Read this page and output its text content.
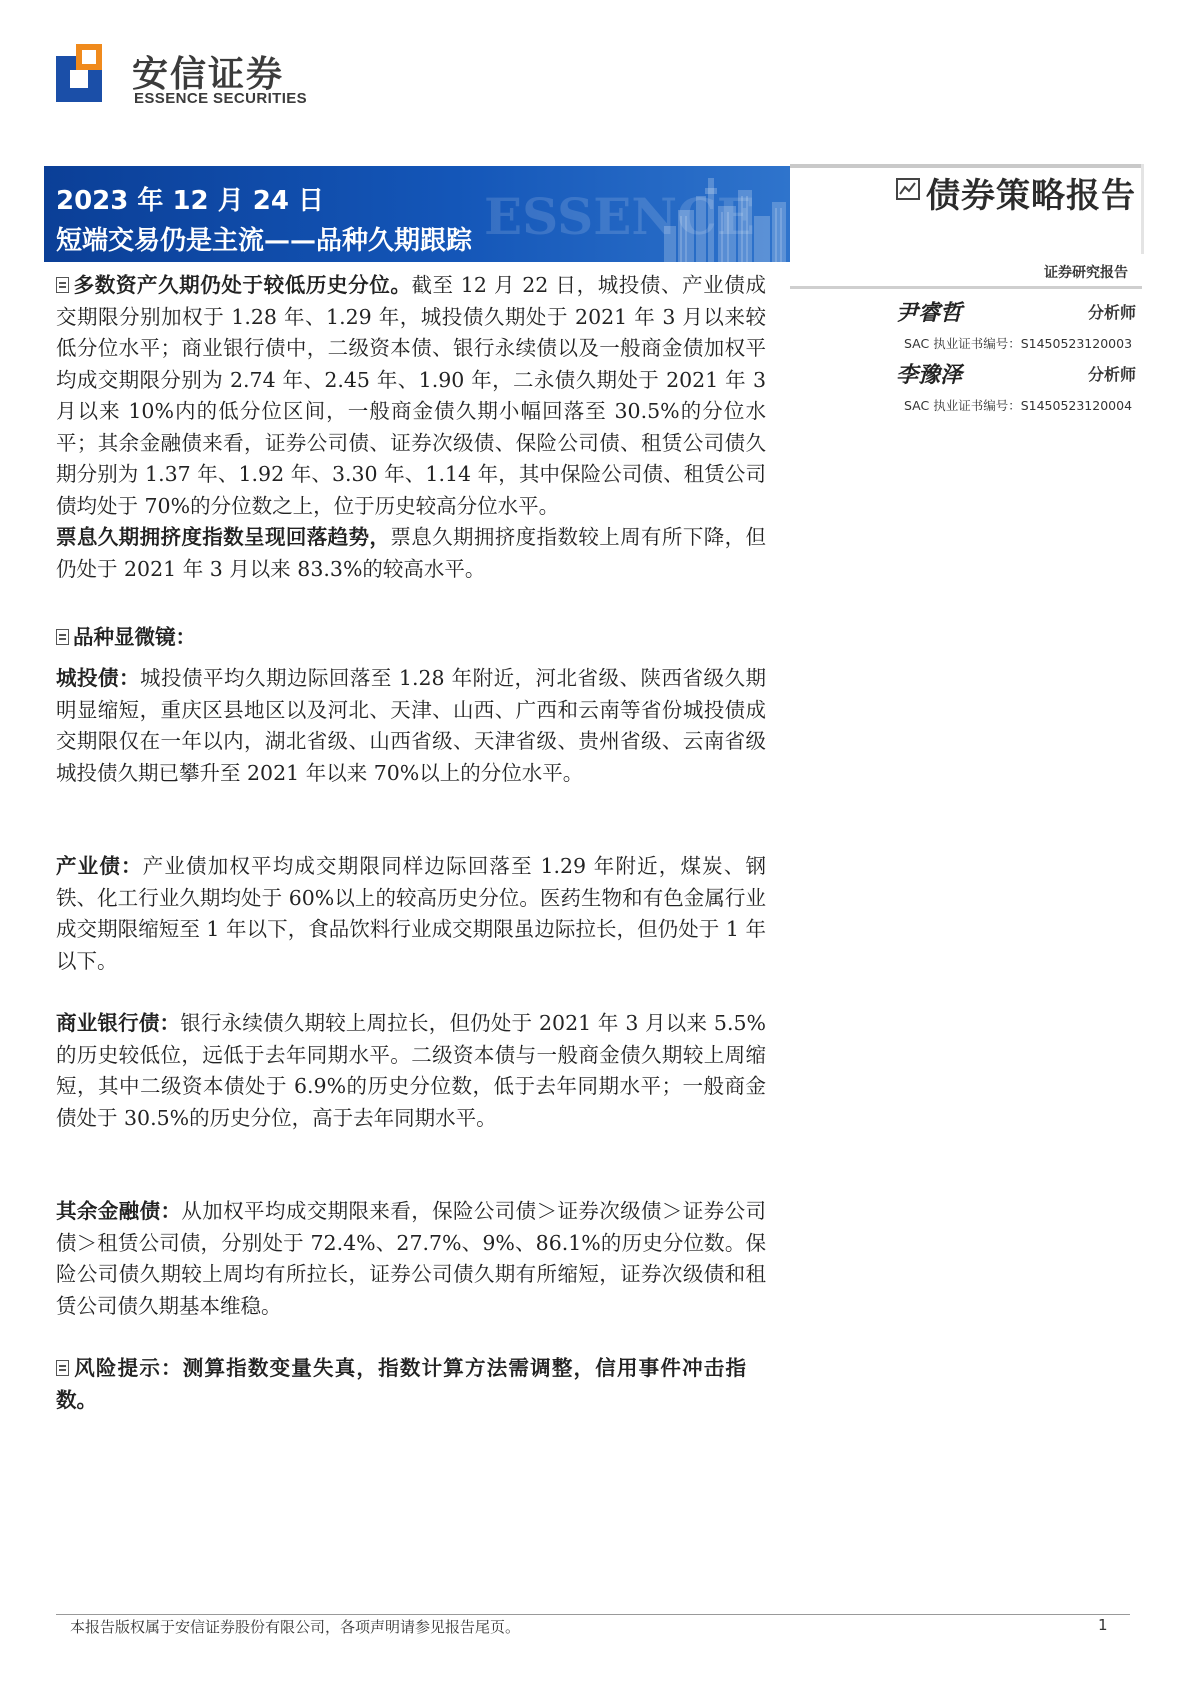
安信证券
ESSENCE SECURITIES
ESSENCE
2023 年 12 月 24 日
短端交易仍是主流——品种久期跟踪
债券策略报告
证券研究报告
尹睿哲	分析师
SAC 执业证书编号：S1450523120003
李豫泽	分析师
SAC 执业证书编号：S1450523120004
多数资产久期仍处于较低历史分位。截至 12 月 22 日，城投债、产业债成交期限分别加权于 1.28 年、1.29 年，城投债久期处于 2021 年 3 月以来较低分位水平；商业银行债中，二级资本债、银行永续债以及一般商金债加权平均成交期限分别为 2.74 年、2.45 年、1.90 年，二永债久期处于 2021 年 3 月以来 10%内的低分位区间，一般商金债久期小幅回落至 30.5%的分位水平；其余金融债来看，证券公司债、证券次级债、保险公司债、租赁公司债久期分别为 1.37 年、1.92 年、3.30 年、1.14 年，其中保险公司债、租赁公司债均处于 70%的分位数之上，位于历史较高分位水平。
票息久期拥挤度指数呈现回落趋势，票息久期拥挤度指数较上周有所下降，但仍处于 2021 年 3 月以来 83.3%的较高水平。
品种显微镜：
城投债：城投债平均久期边际回落至 1.28 年附近，河北省级、陕西省级久期明显缩短，重庆区县地区以及河北、天津、山西、广西和云南等省份城投债成交期限仅在一年以内，湖北省级、山西省级、天津省级、贵州省级、云南省级城投债久期已攀升至 2021 年以来 70%以上的分位水平。
产业债：产业债加权平均成交期限同样边际回落至 1.29 年附近，煤炭、钢铁、化工行业久期均处于 60%以上的较高历史分位。医药生物和有色金属行业成交期限缩短至 1 年以下，食品饮料行业成交期限虽边际拉长，但仍处于 1 年以下。
商业银行债：银行永续债久期较上周拉长，但仍处于 2021 年 3 月以来 5.5%的历史较低位，远低于去年同期水平。二级资本债与一般商金债久期较上周缩短，其中二级资本债处于 6.9%的历史分位数，低于去年同期水平；一般商金债处于 30.5%的历史分位，高于去年同期水平。
其余金融债：从加权平均成交期限来看，保险公司债＞证券次级债＞证券公司债＞租赁公司债，分别处于 72.4%、27.7%、9%、86.1%的历史分位数。保险公司债久期较上周均有所拉长，证券公司债久期有所缩短，证券次级债和租赁公司债久期基本维稳。
风险提示：测算指数变量失真，指数计算方法需调整，信用事件冲击指数。
本报告版权属于安信证券股份有限公司，各项声明请参见报告尾页。	1
